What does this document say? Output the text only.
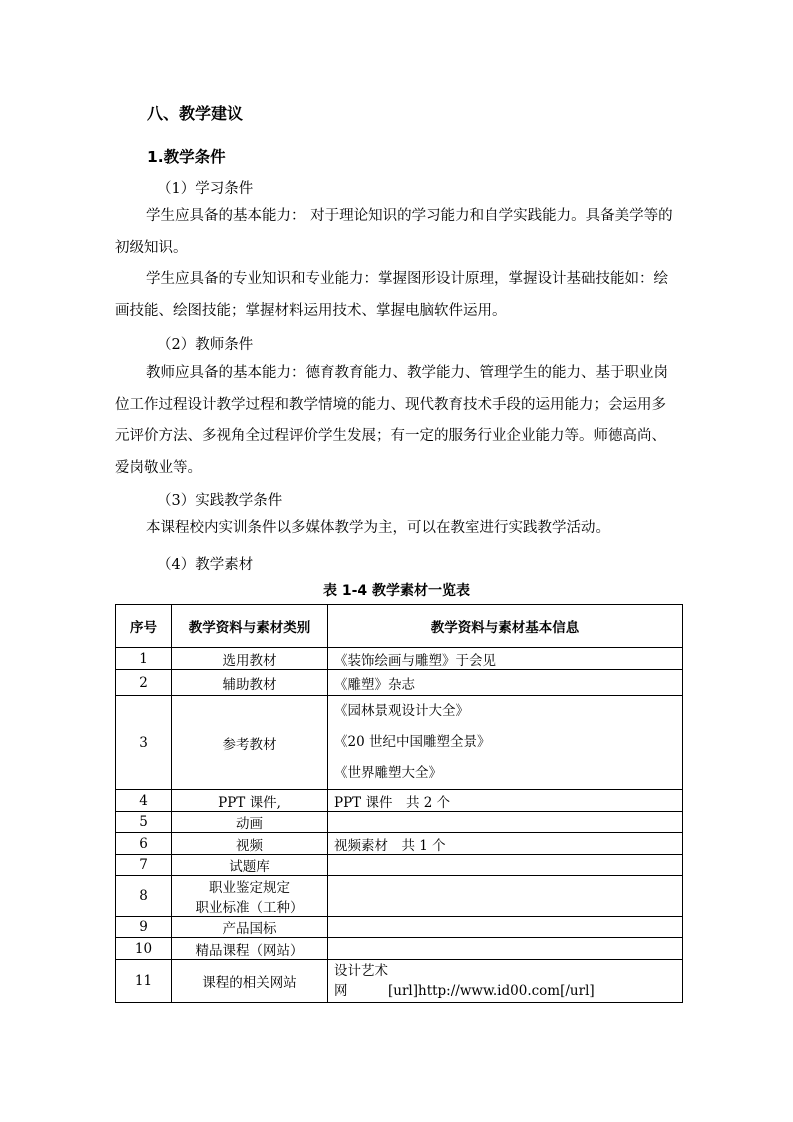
八、教学建议
1.教学条件
（1）学习条件

学生应具备的基本能力： 对于理论知识的学习能力和自学实践能力。具备美学等的初级知识。

学生应具备的专业知识和专业能力：掌握图形设计原理，掌握设计基础技能如：绘画技能、绘图技能；掌握材料运用技术、掌握电脑软件运用。

（2）教师条件

教师应具备的基本能力：德育教育能力、教学能力、管理学生的能力、基于职业岗位工作过程设计教学过程和教学情境的能力、现代教育技术手段的运用能力；会运用多元评价方法、多视角全过程评价学生发展；有一定的服务行业企业能力等。师德高尚、爱岗敬业等。

（3）实践教学条件

本课程校内实训条件以多媒体教学为主，可以在教室进行实践教学活动。

（4）教学素材
表 1-4 教学素材一览表
序号	教学资料与素材类别	教学资料与素材基本信息
1	选用教材	《装饰绘画与雕塑》于会见
2	辅助教材	《雕塑》杂志
3	参考教材	《园林景观设计大全》
《20 世纪中国雕塑全景》
《世界雕塑大全》

4	PPT 课件,	PPT 课件　共 2 个
5	动画	
6	视频	视频素材　共 1 个
7	试题库	
8	职业鉴定规定
职业标准（工种）	

9	产品国标	
10	精品课程（网站）	
11	课程的相关网站	设计艺术
网　　　[url]http://www.id00.com[/url]
